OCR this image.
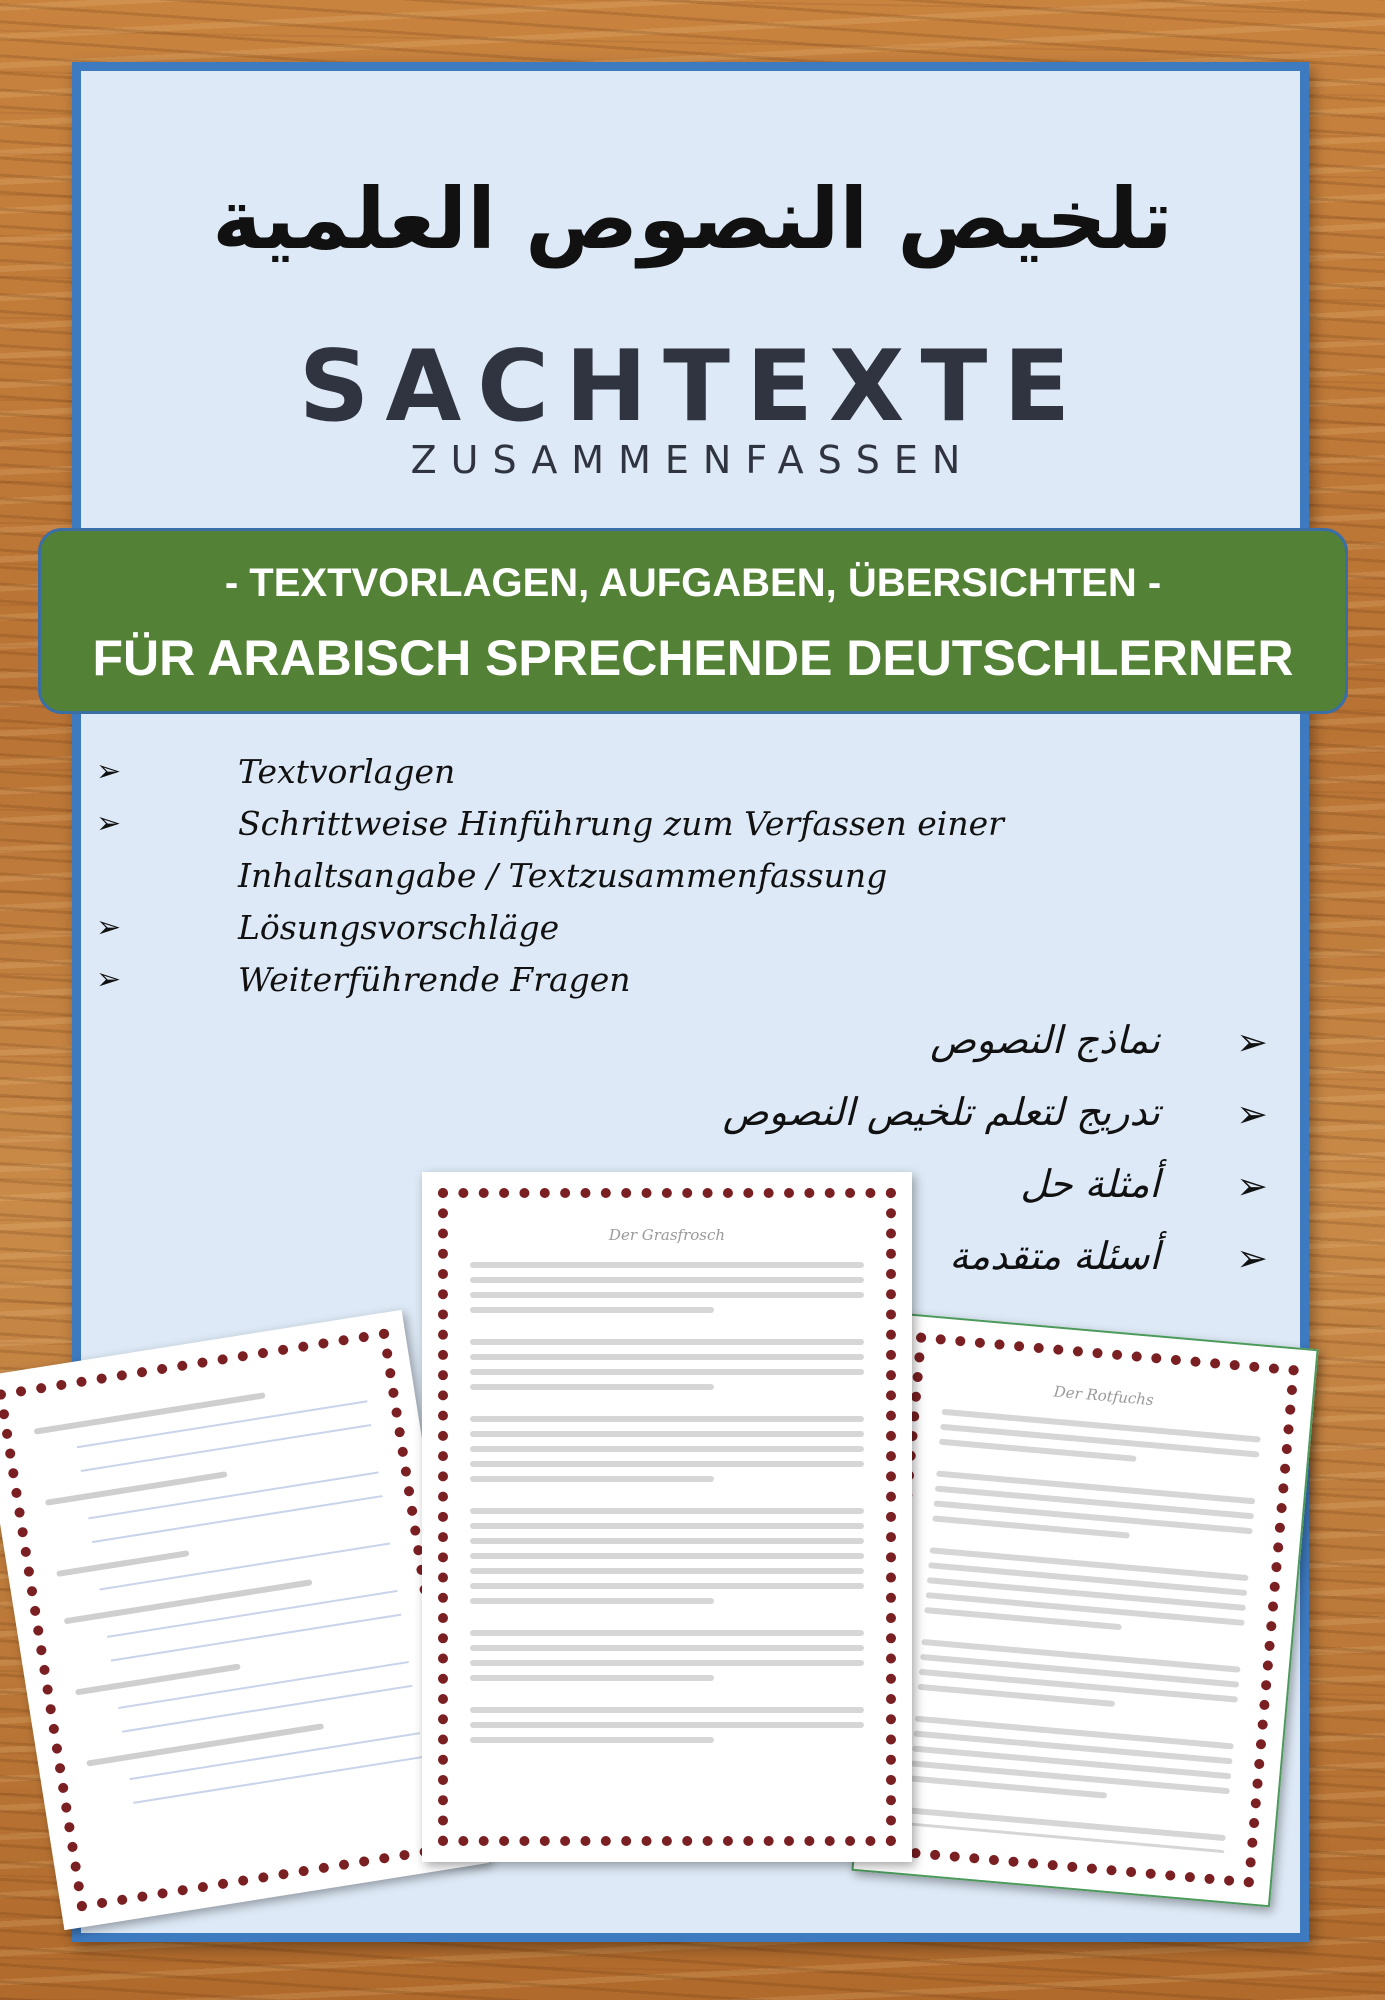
تلخيص النصوص العلمية
SACHTEXTE
ZUSAMMENFASSEN
- TEXTVORLAGEN, AUFGABEN, ÜBERSICHTEN -
FÜR ARABISCH SPRECHENDE DEUTSCHLERNER
➢	Textvorlagen
➢	Schrittweise Hinführung zum Verfassen einer
Inhaltsangabe / Textzusammenfassung
➢	Lösungsvorschläge
➢	Weiterführende Fragen
نماذج النصوص ➢
تدريج لتعلم تلخيص النصوص ➢
أمثلة حل ➢
أسئلة متقدمة ➢
Der Rotfuchs
Der Grasfrosch
